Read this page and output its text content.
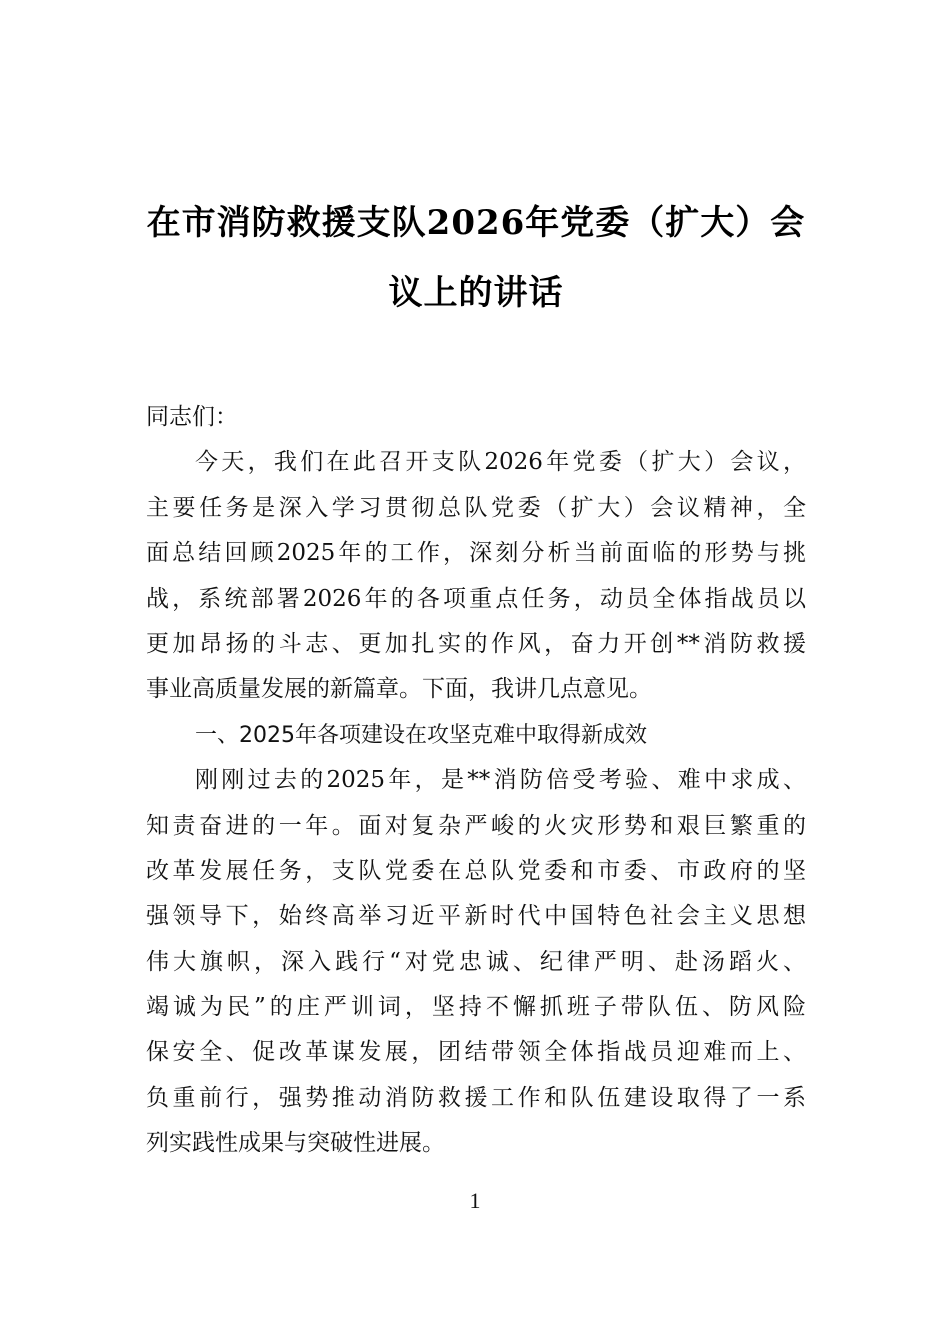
在市消防救援支队2026年党委（扩大）会
议上的讲话
同志们：
今天，我们在此召开支队2026年党委（扩大）会议，
主要任务是深入学习贯彻总队党委（扩大）会议精神，全
面总结回顾2025年的工作，深刻分析当前面临的形势与挑
战，系统部署2026年的各项重点任务，动员全体指战员以
更加昂扬的斗志、更加扎实的作风，奋力开创**消防救援
事业高质量发展的新篇章。下面，我讲几点意见。
一、2025年各项建设在攻坚克难中取得新成效
刚刚过去的2025年，是**消防倍受考验、难中求成、
知责奋进的一年。面对复杂严峻的火灾形势和艰巨繁重的
改革发展任务，支队党委在总队党委和市委、市政府的坚
强领导下，始终高举习近平新时代中国特色社会主义思想
伟大旗帜，深入践行“对党忠诚、纪律严明、赴汤蹈火、
竭诚为民”的庄严训词，坚持不懈抓班子带队伍、防风险
保安全、促改革谋发展，团结带领全体指战员迎难而上、
负重前行，强势推动消防救援工作和队伍建设取得了一系
列实践性成果与突破性进展。
1
